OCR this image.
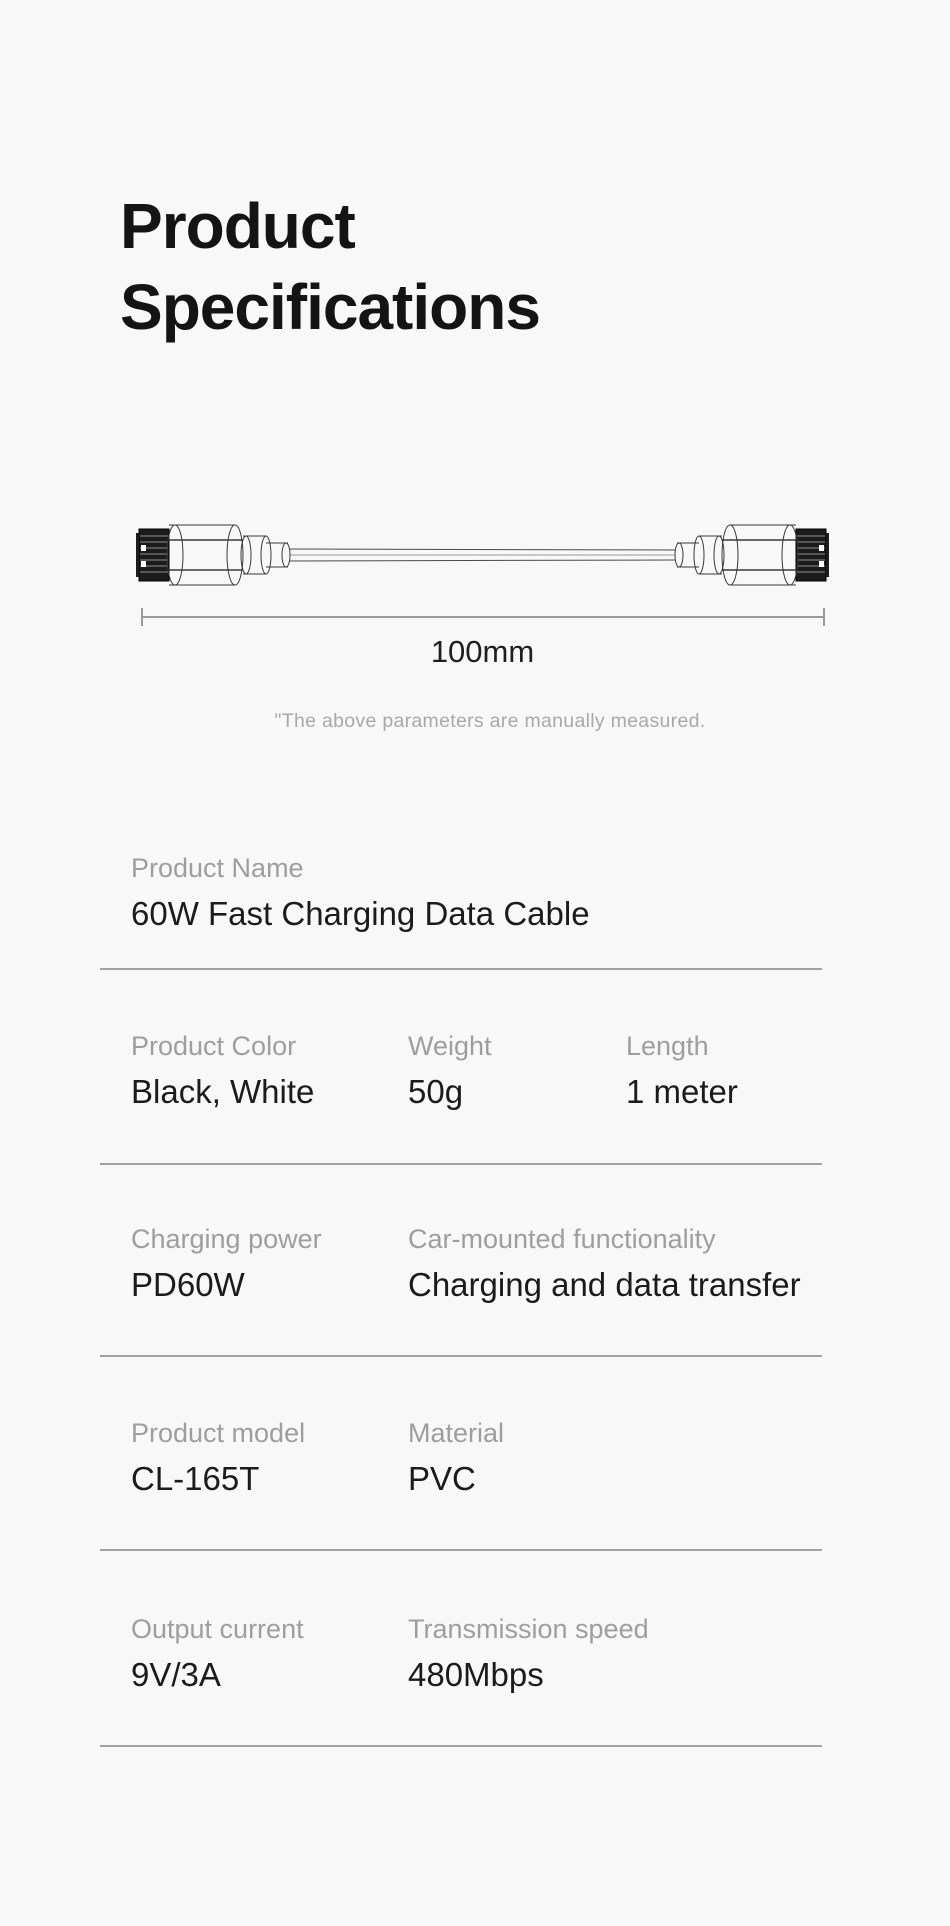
Product
Specifications
100mm
"The above parameters are manually measured.
Product Name
60W Fast Charging Data Cable
Product Color
Black, White
Weight
50g
Length
1 meter
Charging power
PD60W
Car-mounted functionality
Charging and data transfer
Product model
CL-165T
Material
PVC
Output current
9V/3A
Transmission speed
480Mbps
